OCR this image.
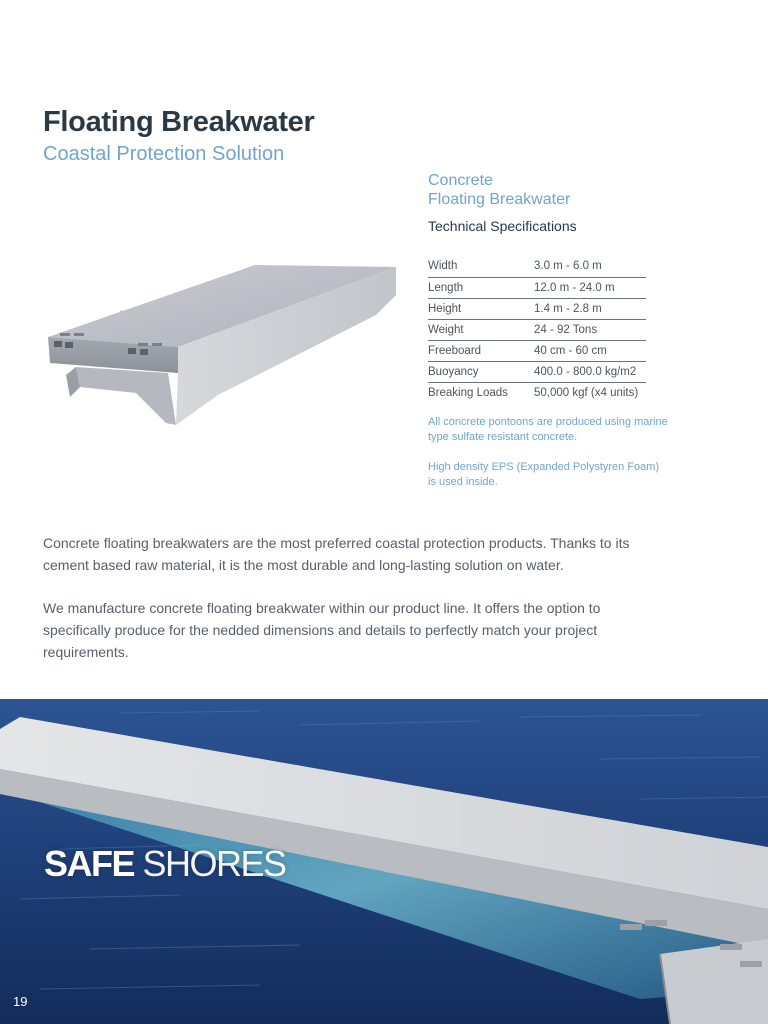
Floating Breakwater
Coastal Protection Solution
Concrete
Floating Breakwater
Technical Specifications
Width	3.0 m - 6.0 m
Length	12.0 m - 24.0 m
Height	1.4 m - 2.8 m
Weight	24 - 92 Tons
Freeboard	40 cm - 60 cm
Buoyancy	400.0 - 800.0 kg/m2
Breaking Loads	50,000 kgf (x4 units)
All concrete pontoons are produced using marine type sulfate resistant concrete.
High density EPS (Expanded Polystyren Foam) is used inside.

Concrete floating breakwaters are the most preferred coastal protection products. Thanks to its cement based raw material, it is the most durable and long-lasting solution on water.

We manufacture concrete floating breakwater within our product line. It offers the option to specifically produce for the nedded dimensions and details to perfectly match your project requirements.

SAFE SHORES
19
